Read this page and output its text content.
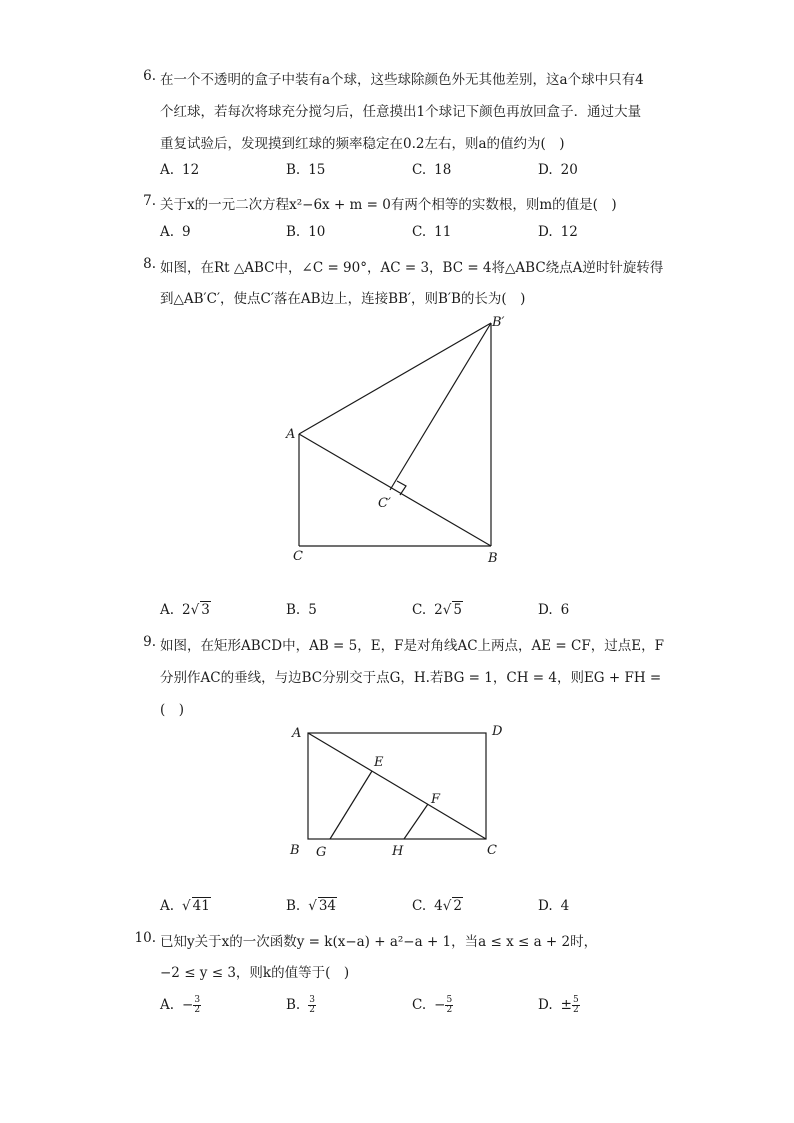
6. 在一个不透明的盒子中装有a个球，这些球除颜色外无其他差别，这a个球中只有4
个红球，若每次将球充分搅匀后，任意摸出1个球记下颜色再放回盒子．通过大量
重复试验后，发现摸到红球的频率稳定在0.2左右，则a的值约为(　)
A. 12	B. 15	C. 18	D. 20
7. 关于x的一元二次方程x²−6x + m = 0有两个相等的实数根，则m的值是(　)
A. 9	B. 10	C. 11	D. 12
8. 如图，在Rt △ABC中，∠C = 90°，AC = 3，BC = 4将△ABC绕点A逆时针旋转得
到△AB′C′，使点C′落在AB边上，连接BB′，则B′B的长为(　)
A
C	B
B′
C′
A. 2√ 3	B. 5	C. 2√ 5	D. 6
9. 如图，在矩形ABCD中，AB = 5，E，F是对角线AC上两点，AE = CF，过点E，F
分别作AC的垂线，与边BC分别交于点G，H.若BG = 1，CH = 4，则EG + FH =
(　)
A	D
B	C
E
F
G	H
A. √ 41	B. √ 34	C. 4√ 2	D. 4
10. 已知y关于x的一次函数y = k(x−a) + a²−a + 1，当a ≤ x ≤ a + 2时，
−2 ≤ y ≤ 3，则k的值等于(　)
A. − $\frac{3}{2}$	B. $\frac{3}{2}$	C. − $\frac{5}{2}$	D. ± $\frac{5}{2}$
